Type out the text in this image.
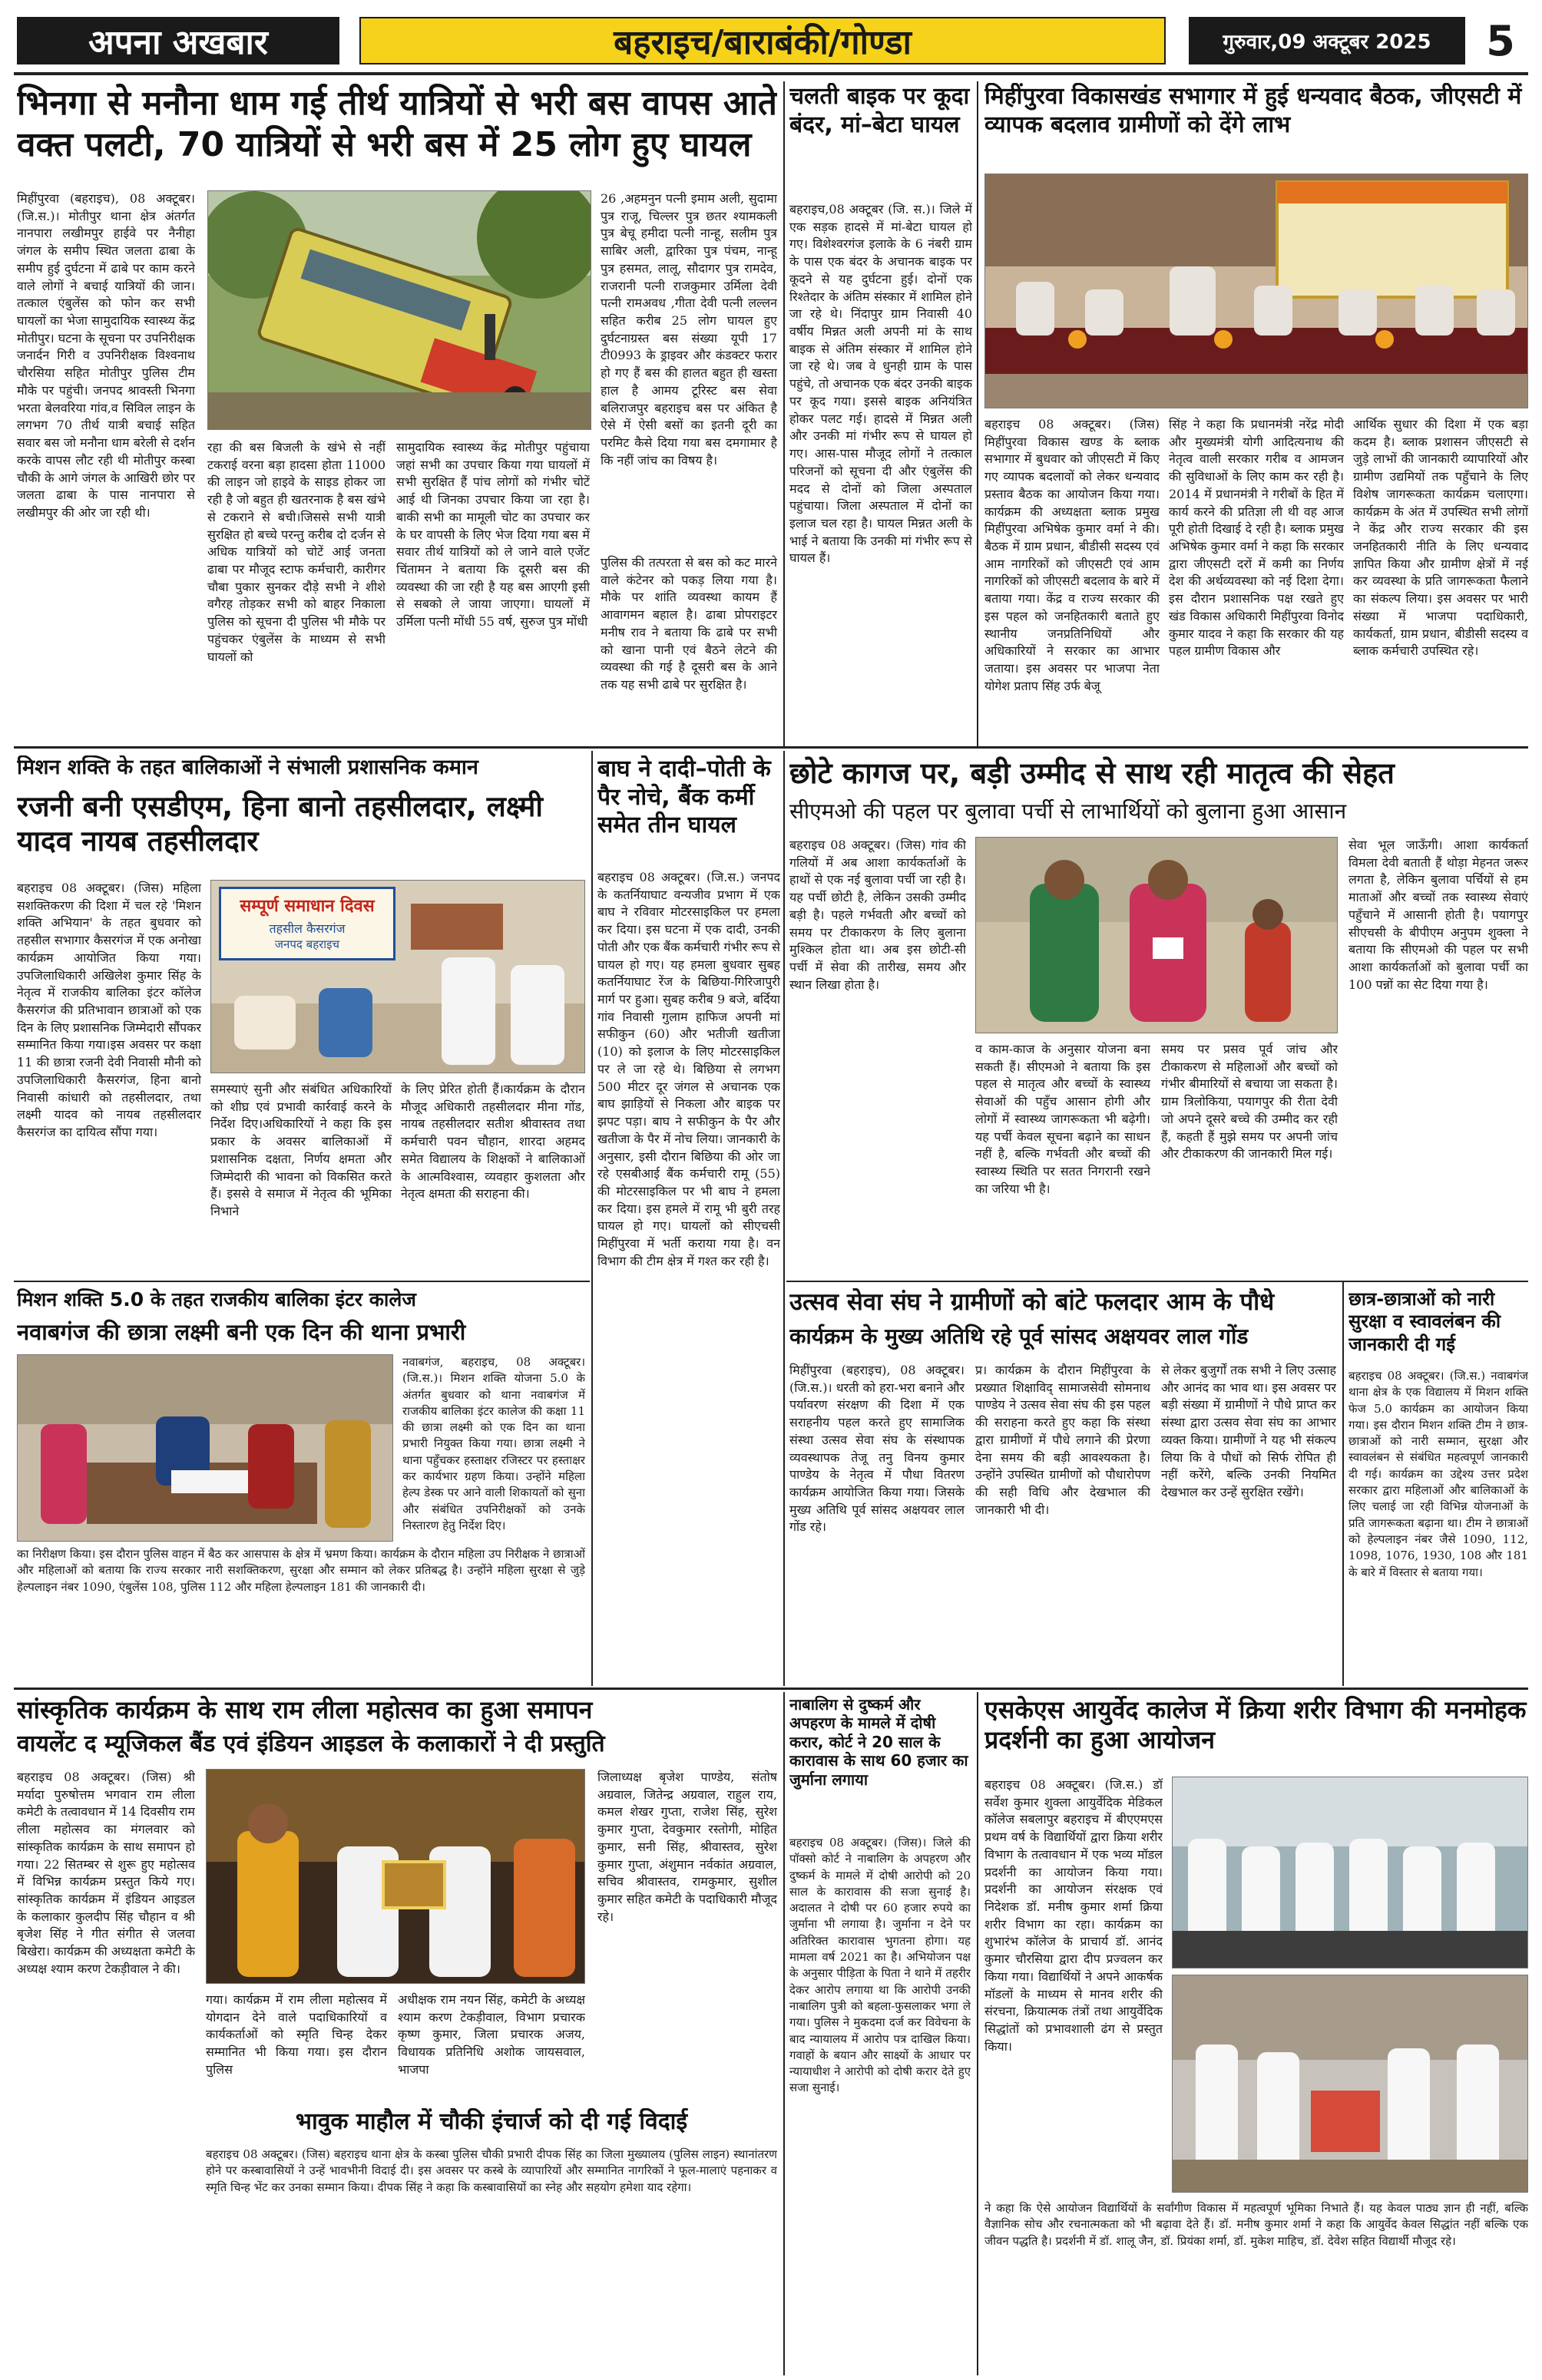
अपना अखबार	बहराइच/बाराबंकी/गोण्डा	गुरुवार,09 अक्टूबर 2025	5
भिनगा से मनौना धाम गई तीर्थ यात्रियों से भरी बस वापस आते वक्त पलटी, 70 यात्रियों से भरी बस में 25 लोग हुए घायल
मिहींपुरवा (बहराइच), 08 अक्टूबर। (जि.स.)। मोतीपुर थाना क्षेत्र अंतर्गत नानपारा लखीमपुर हाईवे पर नैनीहा जंगल के समीप स्थित जलता ढाबा के समीप हुई दुर्घटना में ढाबे पर काम करने वाले लोगों ने बचाई यात्रियों की जान।तत्काल एंबुलेंस को फोन कर सभी घायलों का भेजा सामुदायिक स्वास्थ्य केंद्र मोतीपुर। घटना के सूचना पर उपनिरीक्षक जनार्दन गिरी व उपनिरीक्षक विश्वनाथ चौरसिया सहित मोतीपुर पुलिस टीम मौके पर पहुंची। जनपद श्रावस्ती भिनगा भरता बेलवरिया गांव,व सिविल लाइन के लगभग 70 तीर्थ यात्री बचाई सहित सवार बस जो मनौना धाम बरेली से दर्शन करके वापस लौट रही थी मोतीपुर कस्बा चौकी के आगे जंगल के आखिरी छोर पर जलता ढाबा के पास नानपारा से लखीमपुर की ओर जा रही थी।
रहा की बस बिजली के खंभे से नहीं टकराई वरना बड़ा हादसा होता 11000 की लाइन जो हाइवे के साइड होकर जा रही है जो बहुत ही खतरनाक है बस खंभे से टकराने से बची।जिससे सभी यात्री सुरक्षित हो बच्चे परन्तु करीब दो दर्जन से अधिक यात्रियों को चोटें आई जनता ढाबा पर मौजूद स्टाफ कर्मचारी, कारीगर चौबा पुकार सुनकर दौड़े सभी ने शीशे वगैरह तोड़कर सभी को बाहर निकाला पुलिस को सूचना दी पुलिस भी मौके पर पहुंचकर एंबुलेंस के माध्यम से सभी घायलों को
सामुदायिक स्वास्थ्य केंद्र मोतीपुर पहुंचाया जहां सभी का उपचार किया गया घायलों में सभी सुरक्षित हैं पांच लोगों को गंभीर चोटें आई थी जिनका उपचार किया जा रहा है।बाकी सभी का मामूली चोट का उपचार कर के घर वापसी के लिए भेज दिया गया बस में सवार तीर्थ यात्रियों को ले जाने वाले एजेंट चिंतामन ने बताया कि दूसरी बस की व्यवस्था की जा रही है यह बस आएगी इसी से सबको ले जाया जाएगा। घायलों में उर्मिला पत्नी मोंधी 55 वर्ष, सुरुज पुत्र मोंधी
26 ,अहमनुन पत्नी इमाम अली, सुदामा पुत्र राजू, चिल्लर पुत्र छतर श्यामकली पुत्र बेचू हमीदा पत्नी नान्हू, सलीम पुत्र साबिर अली, द्वारिका पुत्र पंचम, नान्हू पुत्र हसमत, लालू, सौदागर पुत्र रामदेव, राजरानी पत्नी राजकुमार उर्मिला देवी पत्नी रामअवध ,गीता देवी पत्नी लल्लन सहित करीब 25 लोग घायल हुए दुर्घटनाग्रस्त बस संख्या यूपी 17 टी0993 के ड्राइवर और कंडक्टर फरार हो गए हैं बस की हालत बहुत ही खस्ता हाल है आमय टूरिस्ट बस सेवा बलिराजपुर बहराइच बस पर अंकित है ऐसे में ऐसी बसों का इतनी दूरी का परमिट कैसे दिया गया बस दमगामार है कि नहीं जांच का विषय है।
पुलिस की तत्परता से बस को कट मारने वाले कंटेनर को पकड़ लिया गया है। मौके पर शांति व्यवस्था कायम हैं आवागमन बहाल है। ढाबा प्रोपराइटर मनीष राव ने बताया कि ढाबे पर सभी को खाना पानी एवं बैठने लेटने की व्यवस्था की गई है दूसरी बस के आने तक यह सभी ढाबे पर सुरक्षित है।
चलती बाइक पर कूदा बंदर, मां–बेटा घायल
बहराइच,08 अक्टूबर (जि. स.)। जिले में एक सड़क हादसे में मां-बेटा घायल हो गए। विशेश्वरगंज इलाके के 6 नंबरी ग्राम के पास एक बंदर के अचानक बाइक पर कूदने से यह दुर्घटना हुई। दोनों एक रिश्तेदार के अंतिम संस्कार में शामिल होने जा रहे थे। निंदापुर ग्राम निवासी 40 वर्षीय मिन्नत अली अपनी मां के साथ बाइक से अंतिम संस्कार में शामिल होने जा रहे थे। जब वे धुनही ग्राम के पास पहुंचे, तो अचानक एक बंदर उनकी बाइक पर कूद गया। इससे बाइक अनियंत्रित होकर पलट गई। हादसे में मिन्नत अली और उनकी मां गंभीर रूप से घायल हो गए। आस-पास मौजूद लोगों ने तत्काल परिजनों को सूचना दी और एंबुलेंस की मदद से दोनों को जिला अस्पताल पहुंचाया। जिला अस्पताल में दोनों का इलाज चल रहा है। घायल मिन्नत अली के भाई ने बताया कि उनकी मां गंभीर रूप से घायल हैं।
मिहींपुरवा विकासखंड सभागार में हुई धन्यवाद बैठक, जीएसटी में व्यापक बदलाव ग्रामीणों को देंगे लाभ
बहराइच 08 अक्टूबर। (जिस) मिहींपुरवा विकास खण्ड के ब्लाक सभागार में बुधवार को जीएसटी में किए गए व्यापक बदलावों को लेकर धन्यवाद प्रस्ताव बैठक का आयोजन किया गया। कार्यक्रम की अध्यक्षता ब्लाक प्रमुख मिहींपुरवा अभिषेक कुमार वर्मा ने की। बैठक में ग्राम प्रधान, बीडीसी सदस्य एवं आम नागरिकों को जीएसटी एवं आम नागरिकों को जीएसटी बदलाव के बारे में बताया गया। केंद्र व राज्य सरकार की इस पहल को जनहितकारी बताते हुए स्थानीय जनप्रतिनिधियों और अधिकारियों ने सरकार का आभार जताया। इस अवसर पर भाजपा नेता योगेश प्रताप सिंह उर्फ बेजू
सिंह ने कहा कि प्रधानमंत्री नरेंद्र मोदी और मुख्यमंत्री योगी आदित्यनाथ की नेतृत्व वाली सरकार गरीब व आमजन की सुविधाओं के लिए काम कर रही है। 2014 में प्रधानमंत्री ने गरीबों के हित में कार्य करने की प्रतिज्ञा ली थी वह आज पूरी होती दिखाई दे रही है। ब्लाक प्रमुख अभिषेक कुमार वर्मा ने कहा कि सरकार द्वारा जीएसटी दरों में कमी का निर्णय देश की अर्थव्यवस्था को नई दिशा देगा। इस दौरान प्रशासनिक पक्ष रखते हुए खंड विकास अधिकारी मिहींपुरवा विनोद कुमार यादव ने कहा कि सरकार की यह पहल ग्रामीण विकास और
आर्थिक सुधार की दिशा में एक बड़ा कदम है। ब्लाक प्रशासन जीएसटी से जुड़े लाभों की जानकारी व्यापारियों और ग्रामीण उद्यमियों तक पहुँचाने के लिए विशेष जागरूकता कार्यक्रम चलाएगा। कार्यक्रम के अंत में उपस्थित सभी लोगों ने केंद्र और राज्य सरकार की इस जनहितकारी नीति के लिए धन्यवाद ज्ञापित किया और ग्रामीण क्षेत्रों में नई कर व्यवस्था के प्रति जागरूकता फैलाने का संकल्प लिया। इस अवसर पर भारी संख्या में भाजपा पदाधिकारी, कार्यकर्ता, ग्राम प्रधान, बीडीसी सदस्य व ब्लाक कर्मचारी उपस्थित रहे।
मिशन शक्ति के तहत बालिकाओं ने संभाली प्रशासनिक कमान
रजनी बनी एसडीएम, हिना बानो तहसीलदार, लक्ष्मी यादव नायब तहसीलदार
बहराइच 08 अक्टूबर। (जिस) महिला सशक्तिकरण की दिशा में चल रहे 'मिशन शक्ति अभियान' के तहत बुधवार को तहसील सभागार कैसरगंज में एक अनोखा कार्यक्रम आयोजित किया गया।उपजिलाधिकारी अखिलेश कुमार सिंह के नेतृत्व में राजकीय बालिका इंटर कॉलेज कैसरगंज की प्रतिभावान छात्राओं को एक दिन के लिए प्रशासनिक जिम्मेदारी सौंपकर सम्मानित किया गया।इस अवसर पर कक्षा 11 की छात्रा रजनी देवी निवासी मौनी को उपजिलाधिकारी कैसरगंज, हिना बानो निवासी कांधारी को तहसीलदार, तथा लक्ष्मी यादव को नायब तहसीलदार कैसरगंज का दायित्व सौंपा गया।
सम्पूर्ण समाधान दिवस
तहसील कैसरगंज
जनपद बहराइच
समस्याएं सुनी और संबंधित अधिकारियों को शीघ्र एवं प्रभावी कार्रवाई करने के निर्देश दिए।अधिकारियों ने कहा कि इस प्रकार के अवसर बालिकाओं में प्रशासनिक दक्षता, निर्णय क्षमता और जिम्मेदारी की भावना को विकसित करते हैं। इससे वे समाज में नेतृत्व की भूमिका निभाने
के लिए प्रेरित होती हैं।कार्यक्रम के दौरान मौजूद अधिकारी तहसीलदार मीना गोंड, नायब तहसीलदार सतीश श्रीवास्तव तथा कर्मचारी पवन चौहान, शारदा अहमद समेत विद्यालय के शिक्षकों ने बालिकाओं के आत्मविश्वास, व्यवहार कुशलता और नेतृत्व क्षमता की सराहना की।
बाघ ने दादी–पोती के पैर नोचे, बैंक कर्मी समेत तीन घायल
बहराइच 08 अक्टूबर। (जि.स.) जनपद के कतर्नियाघाट वन्यजीव प्रभाग में एक बाघ ने रविवार मोटरसाइकिल पर हमला कर दिया। इस घटना में एक दादी, उनकी पोती और एक बैंक कर्मचारी गंभीर रूप से घायल हो गए। यह हमला बुधवार सुबह कतर्नियाघाट रेंज के बिछिया-गिरिजापुरी मार्ग पर हुआ। सुबह करीब 9 बजे, बर्दिया गांव निवासी गुलाम हाफिज अपनी मां सफीकुन (60) और भतीजी खतीजा (10) को इलाज के लिए मोटरसाइकिल पर ले जा रहे थे। बिछिया से लगभग 500 मीटर दूर जंगल से अचानक एक बाघ झाड़ियों से निकला और बाइक पर झपट पड़ा। बाघ ने सफीकुन के पैर और खतीजा के पैर में नोच लिया। जानकारी के अनुसार, इसी दौरान बिछिया की ओर जा रहे एसबीआई बैंक कर्मचारी रामू (55) की मोटरसाइकिल पर भी बाघ ने हमला कर दिया। इस हमले में रामू भी बुरी तरह घायल हो गए। घायलों को सीएचसी मिहींपुरवा में भर्ती कराया गया है। वन विभाग की टीम क्षेत्र में गश्त कर रही है।
छोटे कागज पर, बड़ी उम्मीद से साथ रही मातृत्व की सेहत
सीएमओ की पहल पर बुलावा पर्ची से लाभार्थियों को बुलाना हुआ आसान
बहराइच 08 अक्टूबर। (जिस) गांव की गलियों में अब आशा कार्यकर्ताओं के हाथों से एक नई बुलावा पर्ची जा रही है। यह पर्ची छोटी है, लेकिन उसकी उम्मीद बड़ी है। पहले गर्भवती और बच्चों को समय पर टीकाकरण के लिए बुलाना मुश्किल होता था। अब इस छोटी-सी पर्ची में सेवा की तारीख, समय और स्थान लिखा होता है।
व काम-काज के अनुसार योजना बना सकती हैं। सीएमओ ने बताया कि इस पहल से मातृत्व और बच्चों के स्वास्थ्य सेवाओं की पहुँच आसान होगी और लोगों में स्वास्थ्य जागरूकता भी बढ़ेगी। यह पर्ची केवल सूचना बढ़ाने का साधन नहीं है, बल्कि गर्भवती और बच्चों की स्वास्थ्य स्थिति पर सतत निगरानी रखने का जरिया भी है।
समय पर प्रसव पूर्व जांच और टीकाकरण से महिलाओं और बच्चों को गंभीर बीमारियों से बचाया जा सकता है। ग्राम त्रिलोकिया, पयागपुर की रीता देवी जो अपने दूसरे बच्चे की उम्मीद कर रही हैं, कहती हैं मुझे समय पर अपनी जांच और टीकाकरण की जानकारी मिल गई।
सेवा भूल जाऊँगी। आशा कार्यकर्ता विमला देवी बताती हैं थोड़ा मेहनत जरूर लगता है, लेकिन बुलावा पर्चियों से हम माताओं और बच्चों तक स्वास्थ्य सेवाएं पहुँचाने में आसानी होती है। पयागपुर सीएचसी के बीपीएम अनुपम शुक्ला ने बताया कि सीएमओ की पहल पर सभी आशा कार्यकर्ताओं को बुलावा पर्ची का 100 पन्नों का सेट दिया गया है।
मिशन शक्ति 5.0 के तहत राजकीय बालिका इंटर कालेज
नवाबगंज की छात्रा लक्ष्मी बनी एक दिन की थाना प्रभारी
नवाबगंज, बहराइच, 08 अक्टूबर। (जि.स.)। मिशन शक्ति योजना 5.0 के अंतर्गत बुधवार को थाना नवाबगंज में राजकीय बालिका इंटर कालेज की कक्षा 11 की छात्रा लक्ष्मी को एक दिन का थाना प्रभारी नियुक्त किया गया। छात्रा लक्ष्मी ने थाना पहुँचकर हस्ताक्षर रजिस्टर पर हस्ताक्षर कर कार्यभार ग्रहण किया। उन्होंने महिला हेल्प डेस्क पर आने वाली शिकायतों को सुना और संबंधित उपनिरीक्षकों को उनके निस्तारण हेतु निर्देश दिए।
का निरीक्षण किया। इस दौरान पुलिस वाहन में बैठ कर आसपास के क्षेत्र में भ्रमण किया। कार्यक्रम के दौरान महिला उप निरीक्षक ने छात्राओं और महिलाओं को बताया कि राज्य सरकार नारी सशक्तिकरण, सुरक्षा और सम्मान को लेकर प्रतिबद्ध है। उन्होंने महिला सुरक्षा से जुड़े हेल्पलाइन नंबर 1090, एंबुलेंस 108, पुलिस 112 और महिला हेल्पलाइन 181 की जानकारी दी।
उत्सव सेवा संघ ने ग्रामीणों को बांटे फलदार आम के पौधे
कार्यक्रम के मुख्य अतिथि रहे पूर्व सांसद अक्षयवर लाल गोंड
मिहींपुरवा (बहराइच), 08 अक्टूबर। (जि.स.)। धरती को हरा-भरा बनाने और पर्यावरण संरक्षण की दिशा में एक सराहनीय पहल करते हुए सामाजिक संस्था उत्सव सेवा संघ के संस्थापक व्यवस्थापक तेजू तनु विनय कुमार पाण्डेय के नेतृत्व में पौधा वितरण कार्यक्रम आयोजित किया गया। जिसके मुख्य अतिथि पूर्व सांसद अक्षयवर लाल गोंड रहे।
प्र। कार्यक्रम के दौरान मिहींपुरवा के प्रख्यात शिक्षाविद् सामाजसेवी सोमनाथ पाण्डेय ने उत्सव सेवा संघ की इस पहल की सराहना करते हुए कहा कि संस्था द्वारा ग्रामीणों में पौधे लगाने की प्रेरणा देना समय की बड़ी आवश्यकता है। उन्होंने उपस्थित ग्रामीणों को पौधारोपण की सही विधि और देखभाल की जानकारी भी दी।
से लेकर बुजुर्गों तक सभी ने लिए उत्साह और आनंद का भाव था। इस अवसर पर बड़ी संख्या में ग्रामीणों ने पौधे प्राप्त कर संस्था द्वारा उत्सव सेवा संघ का आभार व्यक्त किया। ग्रामीणों ने यह भी संकल्प लिया कि वे पौधों को सिर्फ रोपित ही नहीं करेंगे, बल्कि उनकी नियमित देखभाल कर उन्हें सुरक्षित रखेंगे।
छात्र-छात्राओं को नारी सुरक्षा व स्वावलंबन की जानकारी दी गई
बहराइच 08 अक्टूबर। (जि.स.) नवाबगंज थाना क्षेत्र के एक विद्यालय में मिशन शक्ति फेज 5.0 कार्यक्रम का आयोजन किया गया। इस दौरान मिशन शक्ति टीम ने छात्र-छात्राओं को नारी सम्मान, सुरक्षा और स्वावलंबन से संबंधित महत्वपूर्ण जानकारी दी गई। कार्यक्रम का उद्देश्य उत्तर प्रदेश सरकार द्वारा महिलाओं और बालिकाओं के लिए चलाई जा रही विभिन्न योजनाओं के प्रति जागरूकता बढ़ाना था। टीम ने छात्राओं को हेल्पलाइन नंबर जैसे 1090, 112, 1098, 1076, 1930, 108 और 181 के बारे में विस्तार से बताया गया।
सांस्कृतिक कार्यक्रम के साथ राम लीला महोत्सव का हुआ समापन
वायलेंट द म्यूजिकल बैंड एवं इंडियन आइडल के कलाकारों ने दी प्रस्तुति
बहराइच 08 अक्टूबर। (जिस) श्री मर्यादा पुरुषोत्तम भगवान राम लीला कमेटी के तत्वावधान में 14 दिवसीय राम लीला महोत्सव का मंगलवार को सांस्कृतिक कार्यक्रम के साथ समापन हो गया। 22 सितम्बर से शुरू हुए महोत्सव में विभिन्न कार्यक्रम प्रस्तुत किये गए। सांस्कृतिक कार्यक्रम में इंडियन आइडल के कलाकार कुलदीप सिंह चौहान व श्री बृजेश सिंह ने गीत संगीत से जलवा बिखेरा। कार्यक्रम की अध्यक्षता कमेटी के अध्यक्ष श्याम करण टेकड़ीवाल ने की।
गया। कार्यक्रम में राम लीला महोत्सव में योगदान देने वाले पदाधिकारियों व कार्यकर्ताओं को स्मृति चिन्ह देकर सम्मानित भी किया गया। इस दौरान पुलिस
अधीक्षक राम नयन सिंह, कमेटी के अध्यक्ष श्याम करण टेकड़ीवाल, विभाग प्रचारक कृष्ण कुमार, जिला प्रचारक अजय, विधायक प्रतिनिधि अशोक जायसवाल, भाजपा
जिलाध्यक्ष बृजेश पाण्डेय, संतोष अग्रवाल, जितेन्द्र अग्रवाल, राहुल राय, कमल शेखर गुप्ता, राजेश सिंह, सुरेश कुमार गुप्ता, देवकुमार रस्तोगी, मोहित कुमार, सनी सिंह, श्रीवास्तव, सुरेश कुमार गुप्ता, अंशुमान नर्वकांत अग्रवाल, सचिव श्रीवास्तव, रामकुमार, सुशील कुमार सहित कमेटी के पदाधिकारी मौजूद रहे।
भावुक माहौल में चौकी इंचार्ज को दी गई विदाई
बहराइच 08 अक्टूबर। (जिस) बहराइच थाना क्षेत्र के कस्बा पुलिस चौकी प्रभारी दीपक सिंह का जिला मुख्यालय (पुलिस लाइन) स्थानांतरण होने पर कस्बावासियों ने उन्हें भावभीनी विदाई दी। इस अवसर पर कस्बे के व्यापारियों और सम्मानित नागरिकों ने फूल-मालाएं पहनाकर व स्मृति चिन्ह भेंट कर उनका सम्मान किया। दीपक सिंह ने कहा कि कस्बावासियों का स्नेह और सहयोग हमेशा याद रहेगा।
नाबालिग से दुष्कर्म और अपहरण के मामले में दोषी करार, कोर्ट ने 20 साल के कारावास के साथ 60 हजार का जुर्माना लगाया
बहराइच 08 अक्टूबर। (जिस)। जिले की पॉक्सो कोर्ट ने नाबालिग के अपहरण और दुष्कर्म के मामले में दोषी आरोपी को 20 साल के कारावास की सजा सुनाई है। अदालत ने दोषी पर 60 हजार रुपये का जुर्माना भी लगाया है। जुर्माना न देने पर अतिरिक्त कारावास भुगतना होगा। यह मामला वर्ष 2021 का है। अभियोजन पक्ष के अनुसार पीड़िता के पिता ने थाने में तहरीर देकर आरोप लगाया था कि आरोपी उनकी नाबालिग पुत्री को बहला-फुसलाकर भगा ले गया। पुलिस ने मुकदमा दर्ज कर विवेचना के बाद न्यायालय में आरोप पत्र दाखिल किया। गवाहों के बयान और साक्ष्यों के आधार पर न्यायाधीश ने आरोपी को दोषी करार देते हुए सजा सुनाई।
एसकेएस आयुर्वेद कालेज में क्रिया शरीर विभाग की मनमोहक प्रदर्शनी का हुआ आयोजन
बहराइच 08 अक्टूबर। (जि.स.) डॉ सर्वेश कुमार शुक्ला आयुर्वेदिक मेडिकल कॉलेज सबलापुर बहराइच में बीएएमएस प्रथम वर्ष के विद्यार्थियों द्वारा क्रिया शरीर विभाग के तत्वावधान में एक भव्य मॉडल प्रदर्शनी का आयोजन किया गया। प्रदर्शनी का आयोजन संरक्षक एवं निदेशक डॉ. मनीष कुमार शर्मा क्रिया शरीर विभाग का रहा। कार्यक्रम का शुभारंभ कॉलेज के प्राचार्य डॉ. आनंद कुमार चौरसिया द्वारा दीप प्रज्वलन कर किया गया। विद्यार्थियों ने अपने आकर्षक मॉडलों के माध्यम से मानव शरीर की संरचना, क्रियात्मक तंत्रों तथा आयुर्वेदिक सिद्धांतों को प्रभावशाली ढंग से प्रस्तुत किया।
ने कहा कि ऐसे आयोजन विद्यार्थियों के सर्वांगीण विकास में महत्वपूर्ण भूमिका निभाते हैं। यह केवल पाठ्य ज्ञान ही नहीं, बल्कि वैज्ञानिक सोच और रचनात्मकता को भी बढ़ावा देते हैं। डॉ. मनीष कुमार शर्मा ने कहा कि आयुर्वेद केवल सिद्धांत नहीं बल्कि एक जीवन पद्धति है। प्रदर्शनी में डॉ. शालू जैन, डॉ. प्रियंका शर्मा, डॉ. मुकेश माहिच, डॉ. देवेश सहित विद्यार्थी मौजूद रहे।
